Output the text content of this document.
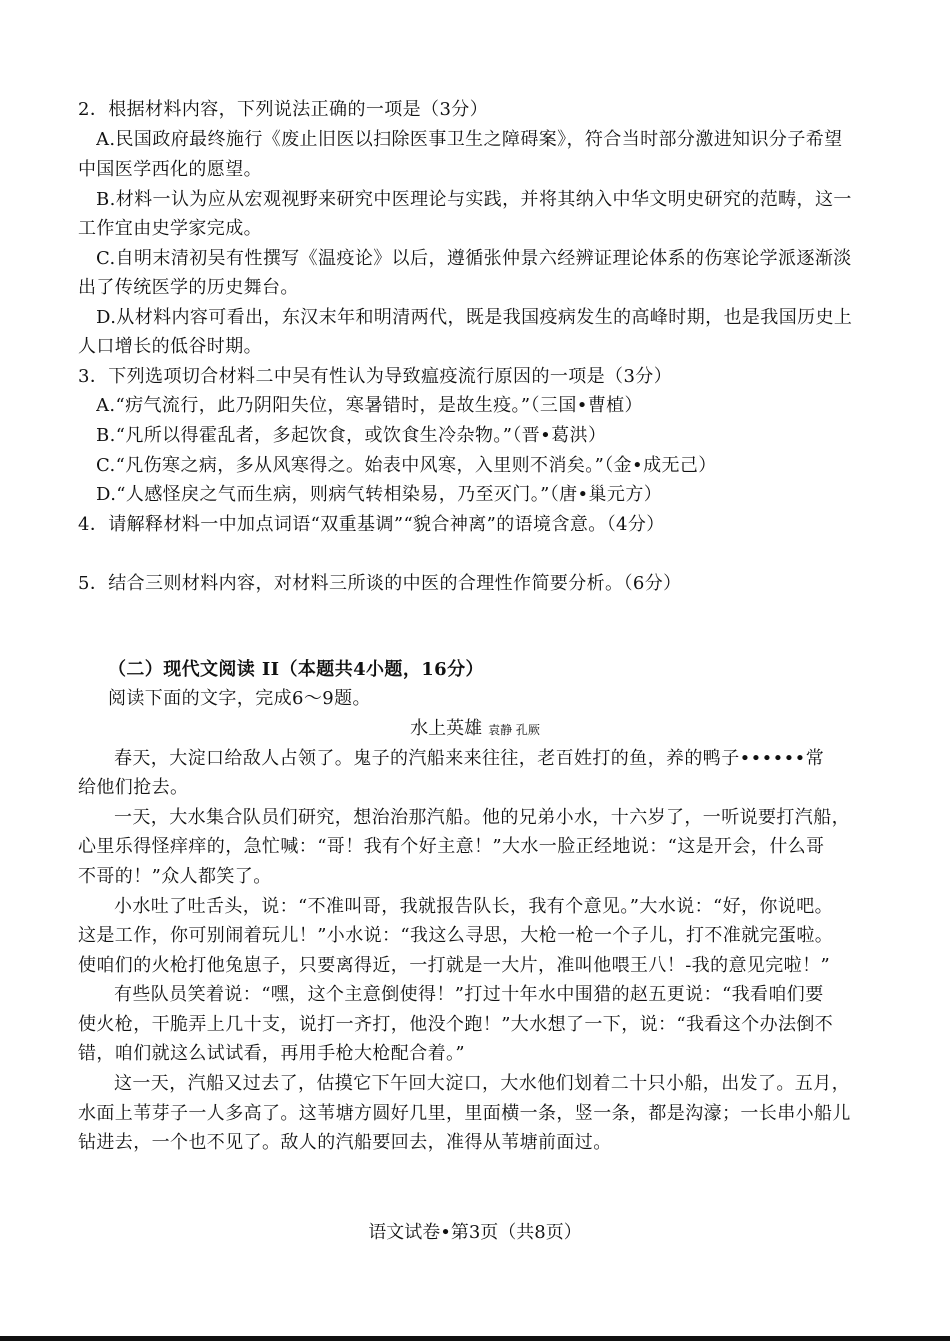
2．根据材料内容，下列说法正确的一项是（3分）
A.民国政府最终施行《废止旧医以扫除医事卫生之障碍案》，符合当时部分激进知识分子希望
中国医学西化的愿望。
B.材料一认为应从宏观视野来研究中医理论与实践，并将其纳入中华文明史研究的范畴，这一
工作宜由史学家完成。
C.自明末清初吴有性撰写《温疫论》以后，遵循张仲景六经辨证理论体系的伤寒论学派逐渐淡
出了传统医学的历史舞台。
D.从材料内容可看出，东汉末年和明清两代，既是我国疫病发生的高峰时期，也是我国历史上
人口增长的低谷时期。
3．下列选项切合材料二中吴有性认为导致瘟疫流行原因的一项是（3分）
A.“疠气流行，此乃阴阳失位，寒暑错时，是故生疫。”（三国•曹植）
B.“凡所以得霍乱者，多起饮食，或饮食生冷杂物。”（晋•葛洪）
C.“凡伤寒之病，多从风寒得之。始表中风寒，入里则不消矣。”（金•成无己）
D.“人感怪戾之气而生病，则病气转相染易，乃至灭门。”（唐•巢元方）
4．请解释材料一中加点词语“双重基调”“貌合神离”的语境含意。（4分）
5．结合三则材料内容，对材料三所谈的中医的合理性作简要分析。（6分）
（二）现代文阅读 II（本题共4小题，16分）
阅读下面的文字，完成6～9题。
水上英雄 袁静 孔厥
春天，大淀口给敌人占领了。鬼子的汽船来来往往，老百姓打的鱼，养的鸭子••••••常
给他们抢去。
一天，大水集合队员们研究，想治治那汽船。他的兄弟小水，十六岁了，一听说要打汽船，
心里乐得怪痒痒的，急忙喊：“哥！我有个好主意！”大水一脸正经地说：“这是开会，什么哥
不哥的！”众人都笑了。
小水吐了吐舌头，说：“不准叫哥，我就报告队长，我有个意见。”大水说：“好，你说吧。
这是工作，你可别闹着玩儿！”小水说：“我这么寻思，大枪一枪一个子儿，打不准就完蛋啦。
使咱们的火枪打他兔崽子，只要离得近，一打就是一大片，准叫他喂王八！-我的意见完啦！”
有些队员笑着说：“嘿，这个主意倒使得！”打过十年水中围猎的赵五更说：“我看咱们要
使火枪，干脆弄上几十支，说打一齐打，他没个跑！”大水想了一下，说：“我看这个办法倒不
错，咱们就这么试试看，再用手枪大枪配合着。”
这一天，汽船又过去了，估摸它下午回大淀口，大水他们划着二十只小船，出发了。五月，
水面上苇芽子一人多高了。这苇塘方圆好几里，里面横一条，竖一条，都是沟濠；一长串小船儿
钻进去，一个也不见了。敌人的汽船要回去，准得从苇塘前面过。
语文试卷•第3页（共8页）
